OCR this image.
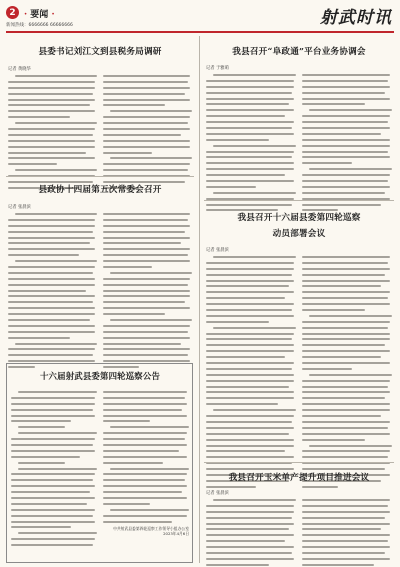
2 · 要闻 ·
新闻热线：6666666 66666666	射武时讯
县委书记刘江文到县税务局调研
记者 黄晓华
县政协十四届第五次常委会召开
记者 张晨滨
十六届射武县委第四轮巡察公告
中共射武县委第四轮巡察工作领导小组办公室
2023年4月6日
我县召开“阜政通”平台业务协调会
记者 于雅萌
我县召开十六届县委第四轮巡察
动员部署会议
记者 张晨滨
我县召开玉米单产提升项目推进会议
记者 张晨滨
